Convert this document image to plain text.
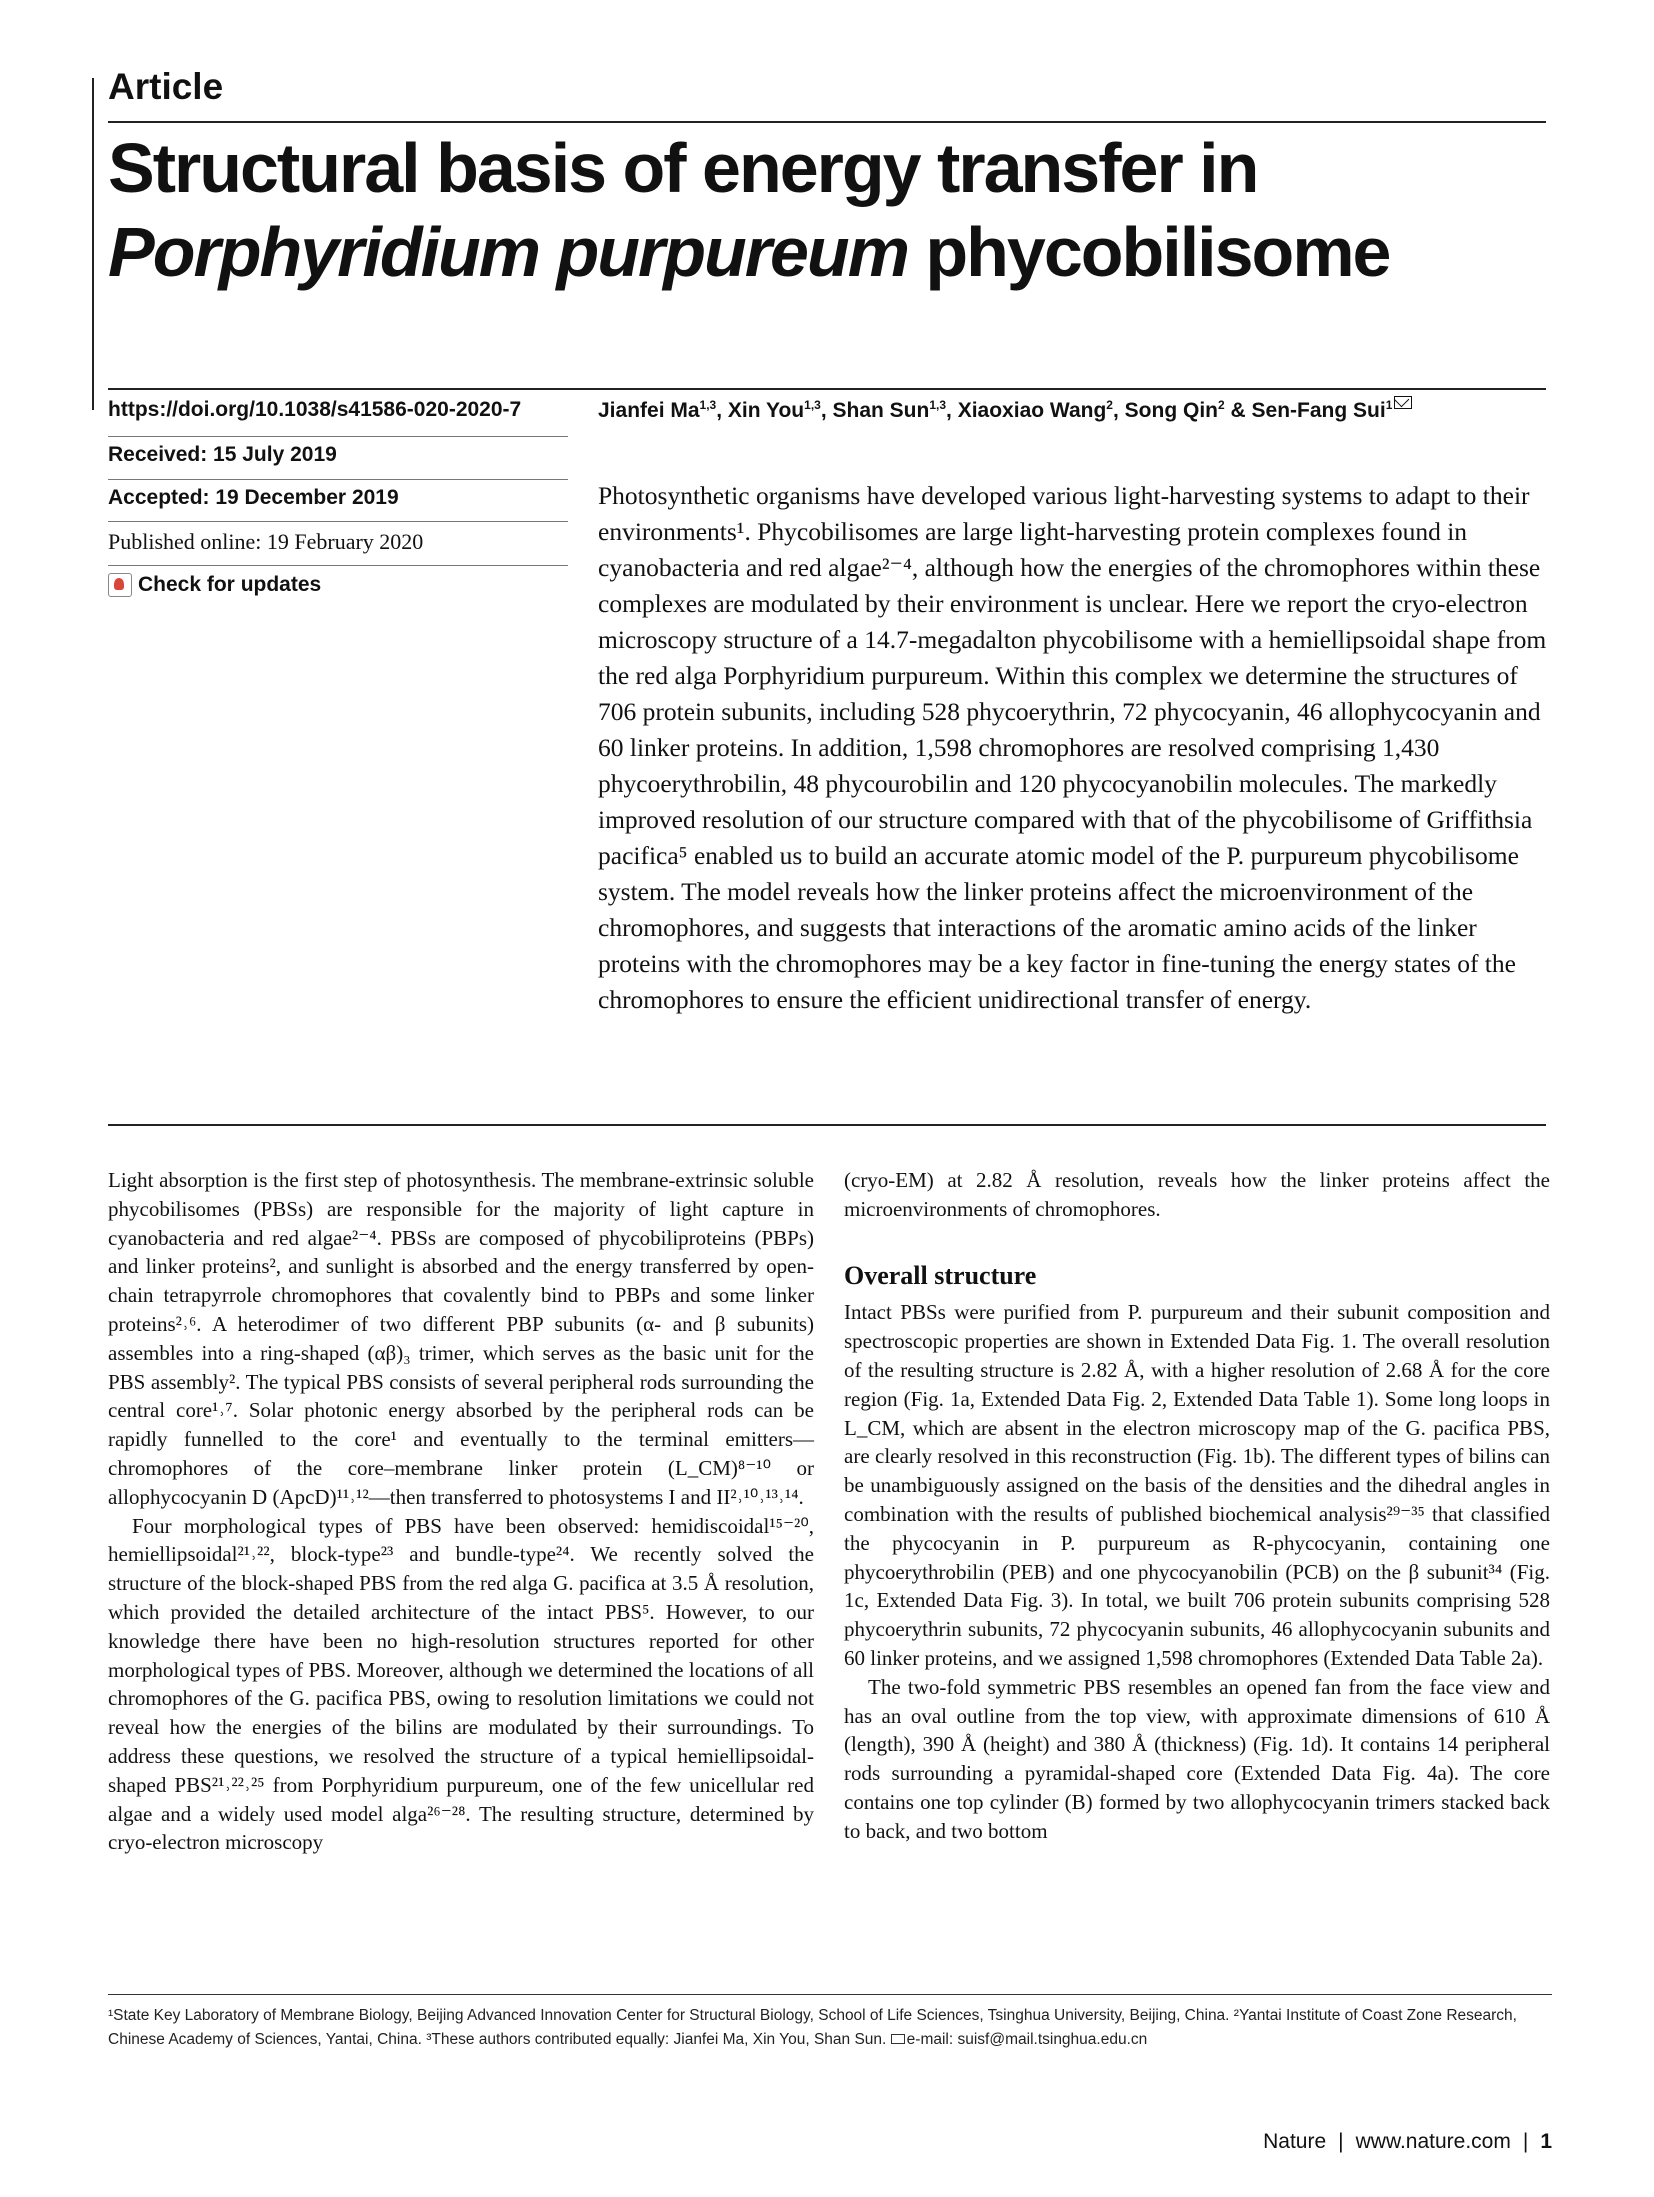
Article
Structural basis of energy transfer in
Porphyridium purpureum phycobilisome
https://doi.org/10.1038/s41586-020-2020-7
Received: 15 July 2019
Accepted: 19 December 2019
Published online: 19 February 2020
Check for updates
Jianfei Ma$^{1,3}$, Xin You$^{1,3}$, Shan Sun$^{1,3}$, Xiaoxiao Wang$^2$, Song Qin$^2$ & Sen-Fang Sui$^1$

Photosynthetic organisms have developed various light-harvesting systems to adapt to their environments¹. Phycobilisomes are large light-harvesting protein complexes found in cyanobacteria and red algae²⁻⁴, although how the energies of the chromophores within these complexes are modulated by their environment is unclear. Here we report the cryo-electron microscopy structure of a 14.7-megadalton phycobilisome with a hemiellipsoidal shape from the red alga Porphyridium purpureum. Within this complex we determine the structures of 706 protein subunits, including 528 phycoerythrin, 72 phycocyanin, 46 allophycocyanin and 60 linker proteins. In addition, 1,598 chromophores are resolved comprising 1,430 phycoerythrobilin, 48 phycourobilin and 120 phycocyanobilin molecules. The markedly improved resolution of our structure compared with that of the phycobilisome of Griffithsia pacifica⁵ enabled us to build an accurate atomic model of the P. purpureum phycobilisome system. The model reveals how the linker proteins affect the microenvironment of the chromophores, and suggests that interactions of the aromatic amino acids of the linker proteins with the chromophores may be a key factor in fine-tuning the energy states of the chromophores to ensure the efficient unidirectional transfer of energy.

Light absorption is the first step of photosynthesis. The membrane-extrinsic soluble phycobilisomes (PBSs) are responsible for the majority of light capture in cyanobacteria and red algae²⁻⁴. PBSs are composed of phycobiliproteins (PBPs) and linker proteins², and sunlight is absorbed and the energy transferred by open-chain tetrapyrrole chromophores that covalently bind to PBPs and some linker proteins²˒⁶. A heterodimer of two different PBP subunits (α- and β subunits) assembles into a ring-shaped (αβ)₃ trimer, which serves as the basic unit for the PBS assembly². The typical PBS consists of several peripheral rods surrounding the central core¹˒⁷. Solar photonic energy absorbed by the peripheral rods can be rapidly funnelled to the core¹ and eventually to the terminal emitters—chromophores of the core–membrane linker protein (L_CM)⁸⁻¹⁰ or allophycocyanin D (ApcD)¹¹˒¹²—then transferred to photosystems I and II²˒¹⁰˒¹³˒¹⁴.

Four morphological types of PBS have been observed: hemidiscoidal¹⁵⁻²⁰, hemiellipsoidal²¹˒²², block-type²³ and bundle-type²⁴. We recently solved the structure of the block-shaped PBS from the red alga G. pacifica at 3.5 Å resolution, which provided the detailed architecture of the intact PBS⁵. However, to our knowledge there have been no high-resolution structures reported for other morphological types of PBS. Moreover, although we determined the locations of all chromophores of the G. pacifica PBS, owing to resolution limitations we could not reveal how the energies of the bilins are modulated by their surroundings. To address these questions, we resolved the structure of a typical hemiellipsoidal-shaped PBS²¹˒²²˒²⁵ from Porphyridium purpureum, one of the few unicellular red algae and a widely used model alga²⁶⁻²⁸. The resulting structure, determined by cryo-electron microscopy

(cryo-EM) at 2.82 Å resolution, reveals how the linker proteins affect the microenvironments of chromophores.

Overall structure

Intact PBSs were purified from P. purpureum and their subunit composition and spectroscopic properties are shown in Extended Data Fig. 1. The overall resolution of the resulting structure is 2.82 Å, with a higher resolution of 2.68 Å for the core region (Fig. 1a, Extended Data Fig. 2, Extended Data Table 1). Some long loops in L_CM, which are absent in the electron microscopy map of the G. pacifica PBS, are clearly resolved in this reconstruction (Fig. 1b). The different types of bilins can be unambiguously assigned on the basis of the densities and the dihedral angles in combination with the results of published biochemical analysis²⁹⁻³⁵ that classified the phycocyanin in P. purpureum as R-phycocyanin, containing one phycoerythrobilin (PEB) and one phycocyanobilin (PCB) on the β subunit³⁴ (Fig. 1c, Extended Data Fig. 3). In total, we built 706 protein subunits comprising 528 phycoerythrin subunits, 72 phycocyanin subunits, 46 allophycocyanin subunits and 60 linker proteins, and we assigned 1,598 chromophores (Extended Data Table 2a).

The two-fold symmetric PBS resembles an opened fan from the face view and has an oval outline from the top view, with approximate dimensions of 610 Å (length), 390 Å (height) and 380 Å (thickness) (Fig. 1d). It contains 14 peripheral rods surrounding a pyramidal-shaped core (Extended Data Fig. 4a). The core contains one top cylinder (B) formed by two allophycocyanin trimers stacked back to back, and two bottom

¹State Key Laboratory of Membrane Biology, Beijing Advanced Innovation Center for Structural Biology, School of Life Sciences, Tsinghua University, Beijing, China. ²Yantai Institute of Coast Zone Research, Chinese Academy of Sciences, Yantai, China. ³These authors contributed equally: Jianfei Ma, Xin You, Shan Sun. e-mail: suisf@mail.tsinghua.edu.cn
Nature | www.nature.com | 1
